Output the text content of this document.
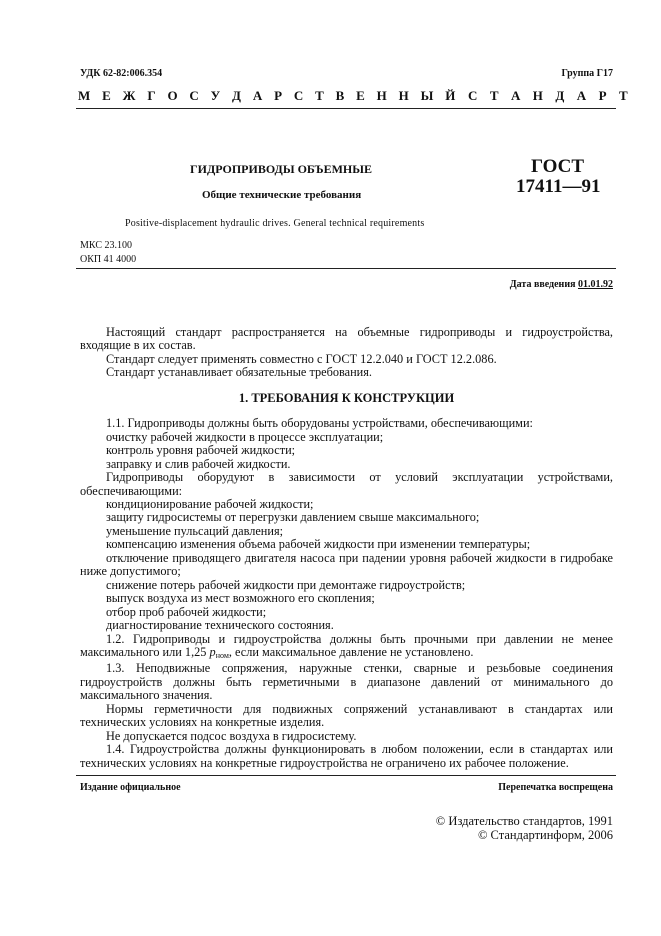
УДК 62-82:006.354	Группа Г17
М Е Ж Г О С У Д А Р С Т В Е Н Н Ы Й С Т А Н Д А Р Т
ГИДРОПРИВОДЫ ОБЪЕМНЫЕ
Общие технические требования
ГОСТ
17411—91
Positive-displacement hydraulic drives. General technical requirements
МКС 23.100
ОКП 41 4000
Дата введения 01.01.92

Настоящий стандарт распространяется на объемные гидроприводы и гидроустройства, входящие в их состав.

Стандарт следует применять совместно с ГОСТ 12.2.040 и ГОСТ 12.2.086.

Стандарт устанавливает обязательные требования.

1. ТРЕБОВАНИЯ К КОНСТРУКЦИИ

1.1. Гидроприводы должны быть оборудованы устройствами, обеспечивающими:

очистку рабочей жидкости в процессе эксплуатации;

контроль уровня рабочей жидкости;

заправку и слив рабочей жидкости.

Гидроприводы оборудуют в зависимости от условий эксплуатации устройствами, обеспечивающими:

кондиционирование рабочей жидкости;

защиту гидросистемы от перегрузки давлением свыше максимального;

уменьшение пульсаций давления;

компенсацию изменения объема рабочей жидкости при изменении температуры;

отключение приводящего двигателя насоса при падении уровня рабочей жидкости в гидробаке ниже допустимого;

снижение потерь рабочей жидкости при демонтаже гидроустройств;

выпуск воздуха из мест возможного его скопления;

отбор проб рабочей жидкости;

диагностирование технического состояния.

1.2. Гидроприводы и гидроустройства должны быть прочными при давлении не менее максимального или 1,25 $p_{ном}$, если максимальное давление не установлено.

1.3. Неподвижные сопряжения, наружные стенки, сварные и резьбовые соединения гидроустройств должны быть герметичными в диапазоне давлений от минимального до максимального значения.

Нормы герметичности для подвижных сопряжений устанавливают в стандартах или технических условиях на конкретные изделия.

Не допускается подсос воздуха в гидросистему.

1.4. Гидроустройства должны функционировать в любом положении, если в стандартах или технических условиях на конкретные гидроустройства не ограничено их рабочее положение.

Издание официальное	Перепечатка воспрещена
© Издательство стандартов, 1991
© Стандартинформ, 2006
